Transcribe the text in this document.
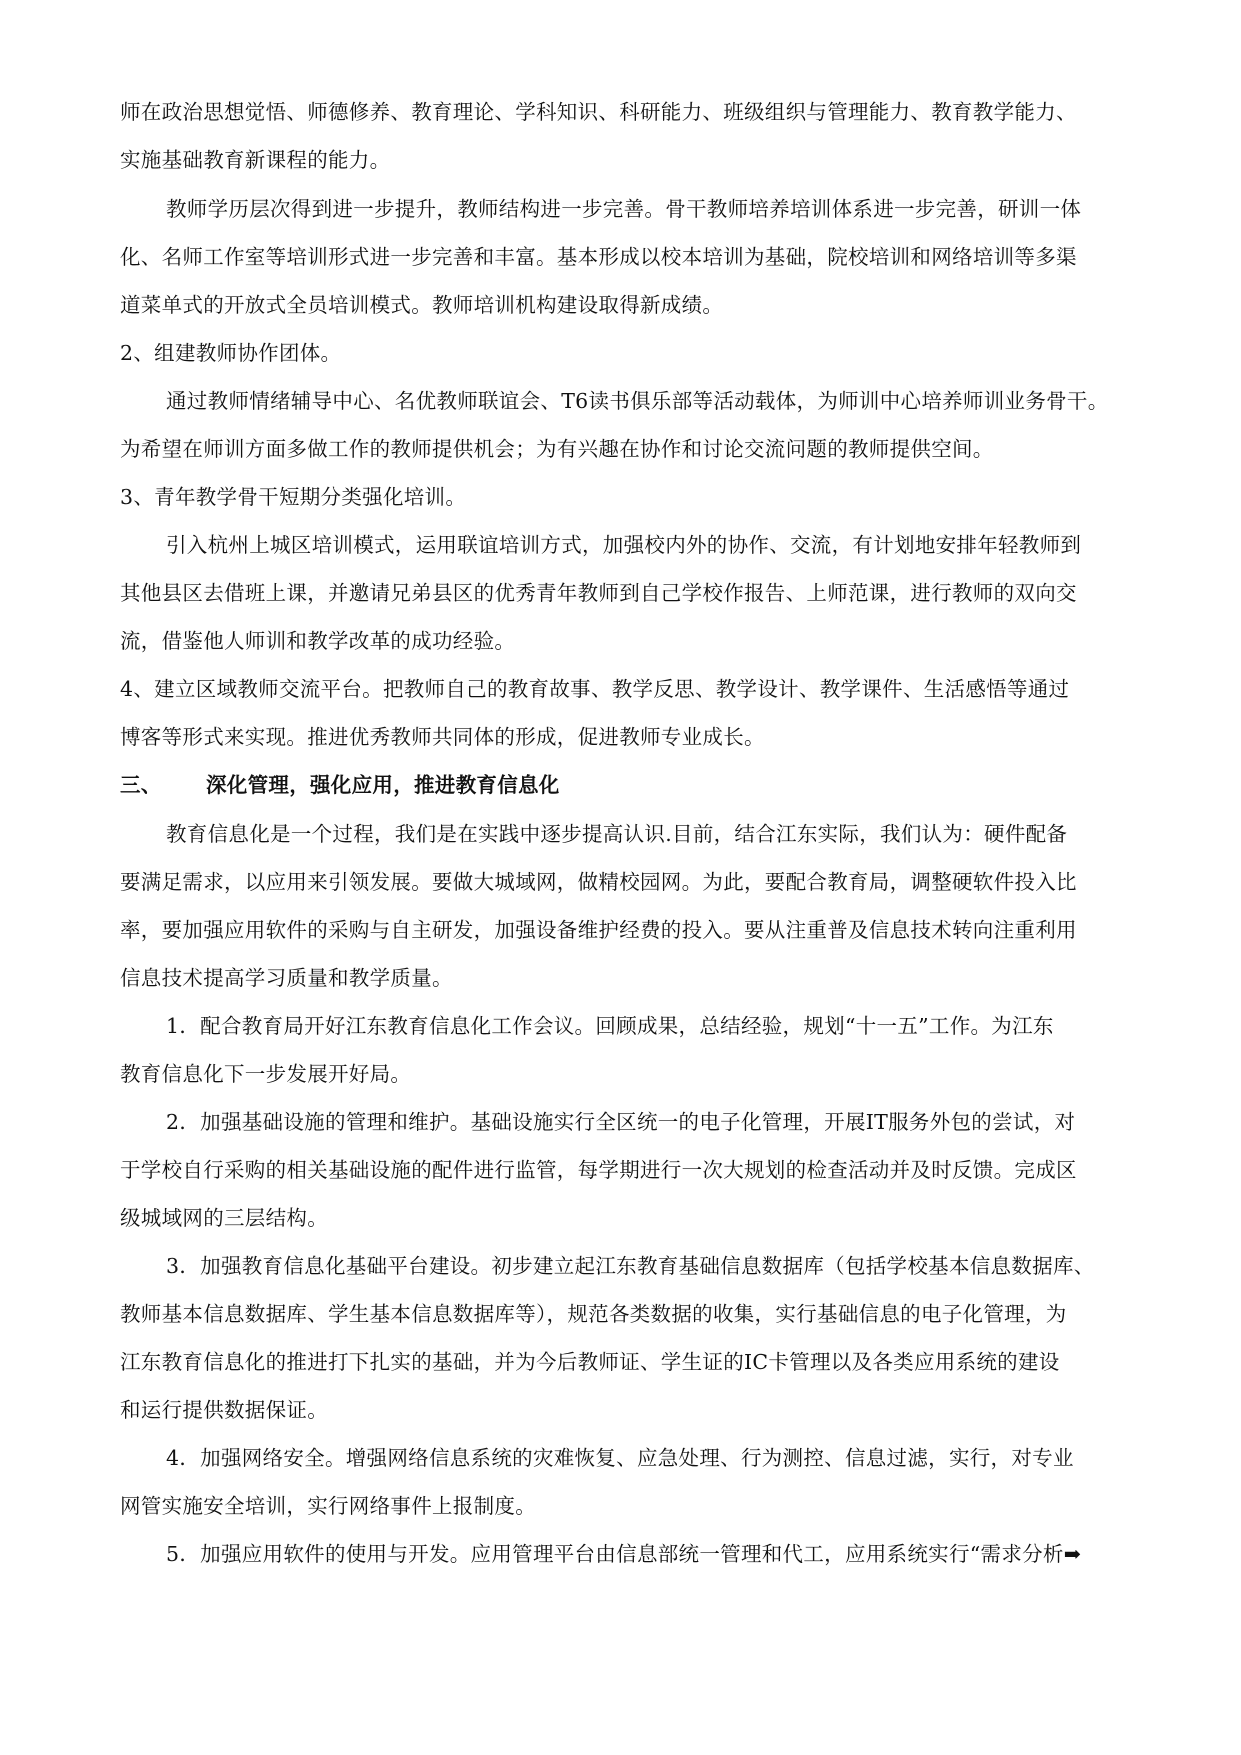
师在政治思想觉悟、师德修养、教育理论、学科知识、科研能力、班级组织与管理能力、教育教学能力、

实施基础教育新课程的能力。

教师学历层次得到进一步提升，教师结构进一步完善。骨干教师培养培训体系进一步完善，研训一体

化、名师工作室等培训形式进一步完善和丰富。基本形成以校本培训为基础，院校培训和网络培训等多渠

道菜单式的开放式全员培训模式。教师培训机构建设取得新成绩。

2、组建教师协作团体。

通过教师情绪辅导中心、名优教师联谊会、T6读书俱乐部等活动载体，为师训中心培养师训业务骨干。

为希望在师训方面多做工作的教师提供机会；为有兴趣在协作和讨论交流问题的教师提供空间。

3、青年教学骨干短期分类强化培训。

引入杭州上城区培训模式，运用联谊培训方式，加强校内外的协作、交流，有计划地安排年轻教师到

其他县区去借班上课，并邀请兄弟县区的优秀青年教师到自己学校作报告、上师范课，进行教师的双向交

流，借鉴他人师训和教学改革的成功经验。

4、建立区域教师交流平台。把教师自己的教育故事、教学反思、教学设计、教学课件、生活感悟等通过

博客等形式来实现。推进优秀教师共同体的形成，促进教师专业成长。

三、 深化管理，强化应用，推进教育信息化

教育信息化是一个过程，我们是在实践中逐步提高认识.目前，结合江东实际，我们认为：硬件配备

要满足需求，以应用来引领发展。要做大城域网，做精校园网。为此，要配合教育局，调整硬软件投入比

率，要加强应用软件的采购与自主研发，加强设备维护经费的投入。要从注重普及信息技术转向注重利用

信息技术提高学习质量和教学质量。

1．配合教育局开好江东教育信息化工作会议。回顾成果，总结经验，规划“十一五”工作。为江东

教育信息化下一步发展开好局。

2．加强基础设施的管理和维护。基础设施实行全区统一的电子化管理，开展IT服务外包的尝试，对

于学校自行采购的相关基础设施的配件进行监管，每学期进行一次大规划的检查活动并及时反馈。完成区

级城域网的三层结构。

3．加强教育信息化基础平台建设。初步建立起江东教育基础信息数据库（包括学校基本信息数据库、

教师基本信息数据库、学生基本信息数据库等），规范各类数据的收集，实行基础信息的电子化管理，为

江东教育信息化的推进打下扎实的基础，并为今后教师证、学生证的IC卡管理以及各类应用系统的建设

和运行提供数据保证。

4．加强网络安全。增强网络信息系统的灾难恢复、应急处理、行为测控、信息过滤，实行，对专业

网管实施安全培训，实行网络事件上报制度。

5．加强应用软件的使用与开发。应用管理平台由信息部统一管理和代工，应用系统实行“需求分析➡
